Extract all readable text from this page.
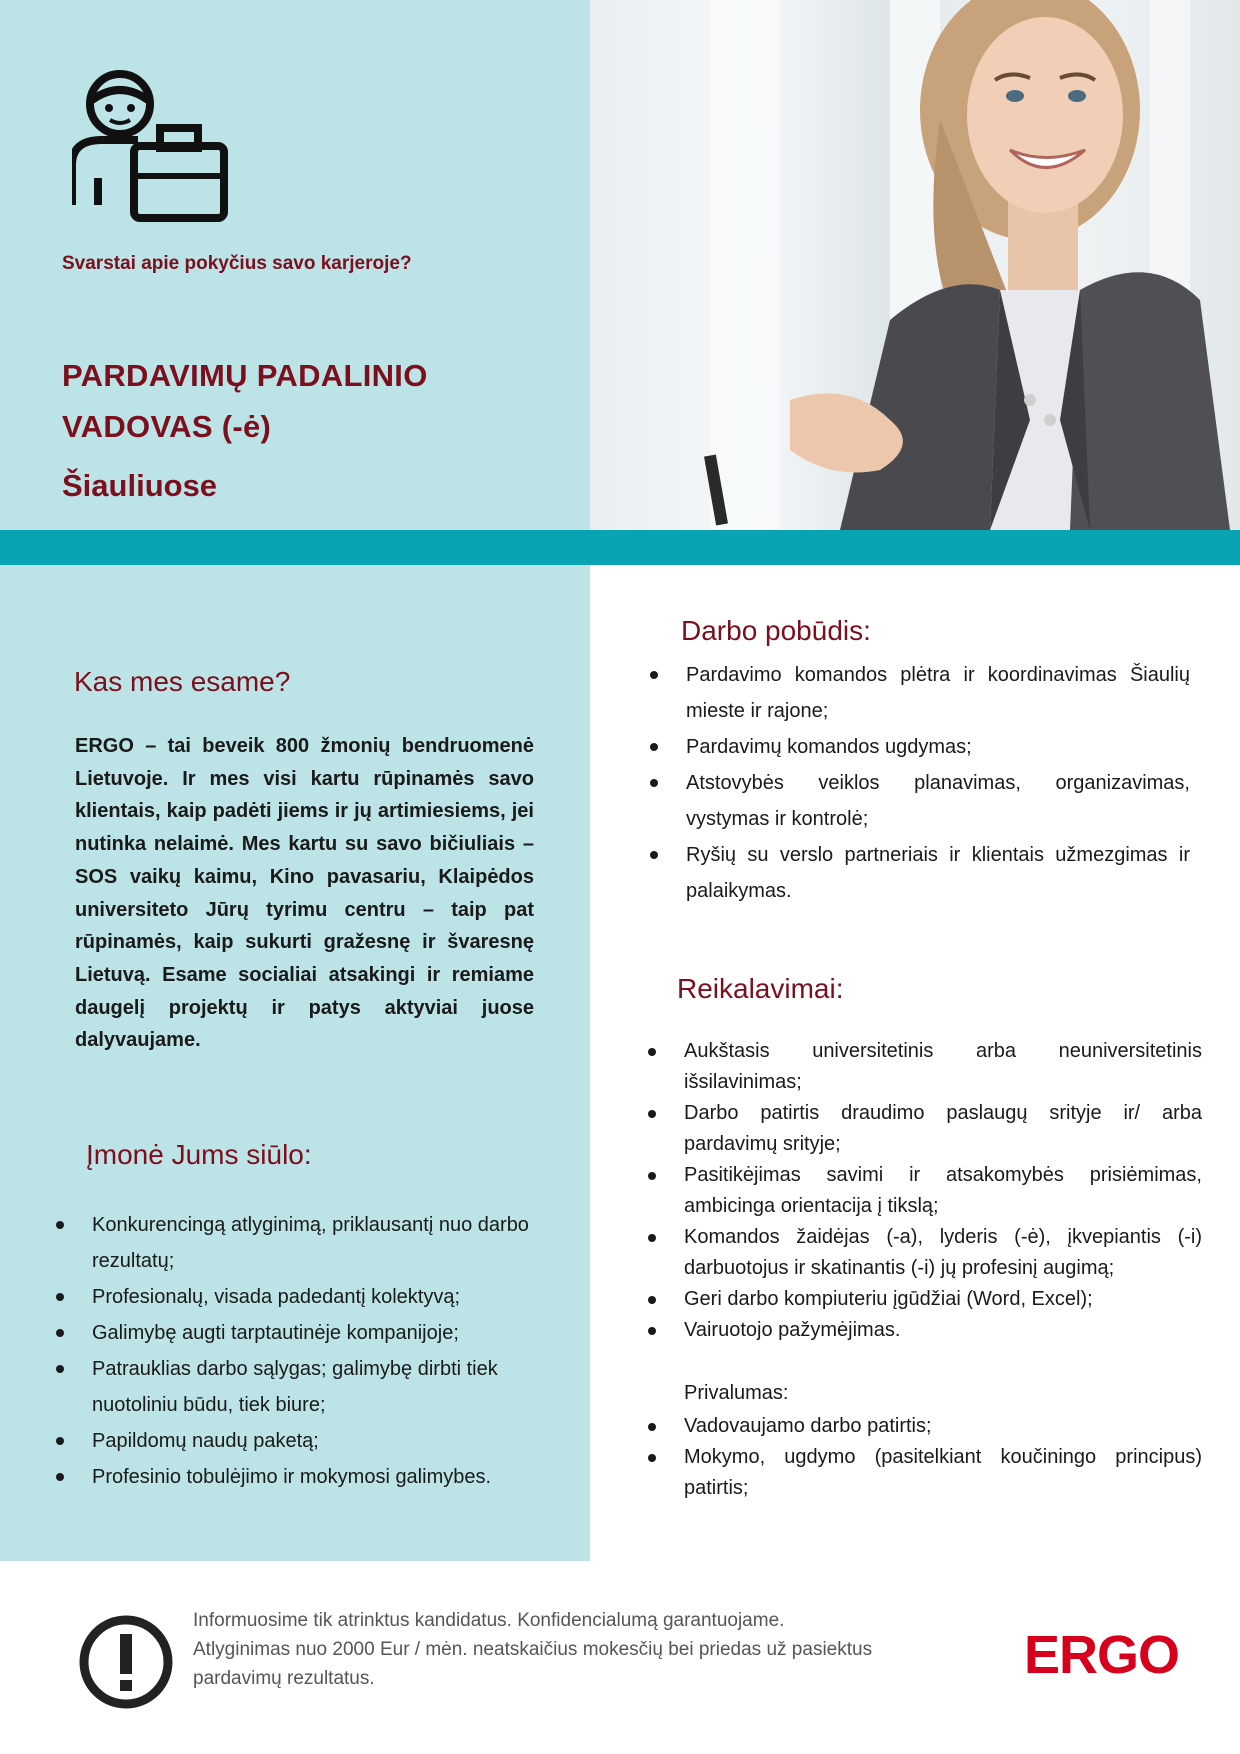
Svarstai apie pokyčius savo karjeroje?
PARDAVIMŲ PADALINIO
VADOVAS (-ė)
Šiauliuose
Kas mes esame?

ERGO – tai beveik 800 žmonių bendruomenė Lietuvoje. Ir mes visi kartu rūpinamės savo klientais, kaip padėti jiems ir jų artimiesiems, jei nutinka nelaimė. Mes kartu su savo bičiuliais – SOS vaikų kaimu, Kino pavasariu, Klaipėdos universiteto Jūrų tyrimu centru – taip pat rūpinamės, kaip sukurti gražesnę ir švaresnę Lietuvą. Esame socialiai atsakingi ir remiame daugelį projektų ir patys aktyviai juose dalyvaujame.

Įmonė Jums siūlo:
Konkurencingą atlyginimą, priklausantį nuo darbo rezultatų;
Profesionalų, visada padedantį kolektyvą;
Galimybę augti tarptautinėje kompanijoje;
Patrauklias darbo sąlygas; galimybę dirbti tiek nuotoliniu būdu, tiek biure;
Papildomų naudų paketą;
Profesinio tobulėjimo ir mokymosi galimybes.
Darbo pobūdis:
Pardavimo komandos plėtra ir koordinavimas Šiaulių mieste ir rajone;
Pardavimų komandos ugdymas;
Atstovybės veiklos planavimas, organizavimas, vystymas ir kontrolė;
Ryšių su verslo partneriais ir klientais užmezgimas ir palaikymas.
Reikalavimai:
Aukštasis universitetinis arba neuniversitetinis išsilavinimas;
Darbo patirtis draudimo paslaugų srityje ir/ arba pardavimų srityje;
Pasitikėjimas savimi ir atsakomybės prisiėmimas, ambicinga orientacija į tikslą;
Komandos žaidėjas (-a), lyderis (-ė), įkvepiantis (-i) darbuotojus ir skatinantis (-i) jų profesinį augimą;
Geri darbo kompiuteriu įgūdžiai (Word, Excel);
Vairuotojo pažymėjimas.
Privalumas:
Vadovaujamo darbo patirtis;
Mokymo, ugdymo (pasitelkiant koučiningo principus) patirtis;
Informuosime tik atrinktus kandidatus. Konfidencialumą garantuojame.
Atlyginimas nuo 2000 Eur / mėn. neatskaičius mokesčių bei priedas už pasiektus
pardavimų rezultatus.	ERGO
